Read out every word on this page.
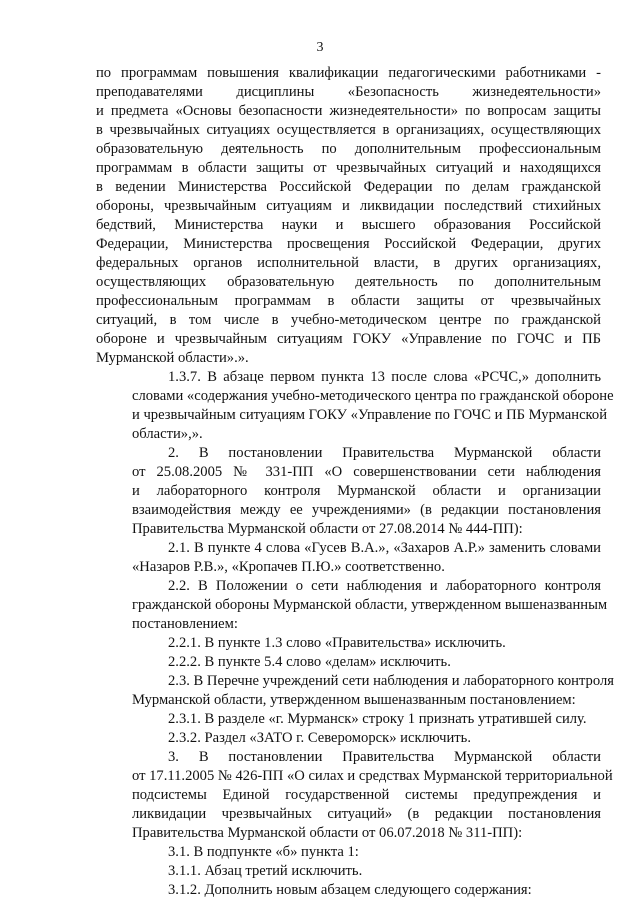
3
по программам повышения квалификации педагогическими работниками -
преподавателями дисциплины «Безопасность жизнедеятельности»
и предмета «Основы безопасности жизнедеятельности» по вопросам защиты
в чрезвычайных ситуациях осуществляется в организациях, осуществляющих
образовательную деятельность по дополнительным профессиональным
программам в области защиты от чрезвычайных ситуаций и находящихся
в ведении Министерства Российской Федерации по делам гражданской
обороны, чрезвычайным ситуациям и ликвидации последствий стихийных
бедствий, Министерства науки и высшего образования Российской
Федерации, Министерства просвещения Российской Федерации, других
федеральных органов исполнительной власти, в других организациях,
осуществляющих образовательную деятельность по дополнительным
профессиональным программам в области защиты от чрезвычайных
ситуаций, в том числе в учебно-методическом центре по гражданской
обороне и чрезвычайным ситуациям ГОКУ «Управление по ГОЧС и ПБ
Мурманской области».».
1.3.7. В абзаце первом пункта 13 после слова «РСЧС,» дополнить
словами «содержания учебно-методического центра по гражданской обороне
и чрезвычайным ситуациям ГОКУ «Управление по ГОЧС и ПБ Мурманской
области»,».
2. В постановлении Правительства Мурманской области
от 25.08.2005 № 331-ПП «О совершенствовании сети наблюдения
и лабораторного контроля Мурманской области и организации
взаимодействия между ее учреждениями» (в редакции постановления
Правительства Мурманской области от 27.08.2014 № 444-ПП):
2.1. В пункте 4 слова «Гусев В.А.», «Захаров А.Р.» заменить словами
«Назаров Р.В.», «Кропачев П.Ю.» соответственно.
2.2. В Положении о сети наблюдения и лабораторного контроля
гражданской обороны Мурманской области, утвержденном вышеназванным
постановлением:
2.2.1. В пункте 1.3 слово «Правительства» исключить.
2.2.2. В пункте 5.4 слово «делам» исключить.
2.3. В Перечне учреждений сети наблюдения и лабораторного контроля
Мурманской области, утвержденном вышеназванным постановлением:
2.3.1. В разделе «г. Мурманск» строку 1 признать утратившей силу.
2.3.2. Раздел «ЗАТО г. Североморск» исключить.
3. В постановлении Правительства Мурманской области
от 17.11.2005 № 426-ПП «О силах и средствах Мурманской территориальной
подсистемы Единой государственной системы предупреждения и
ликвидации чрезвычайных ситуаций» (в редакции постановления
Правительства Мурманской области от 06.07.2018 № 311-ПП):
3.1. В подпункте «б» пункта 1:
3.1.1. Абзац третий исключить.
3.1.2. Дополнить новым абзацем следующего содержания:
